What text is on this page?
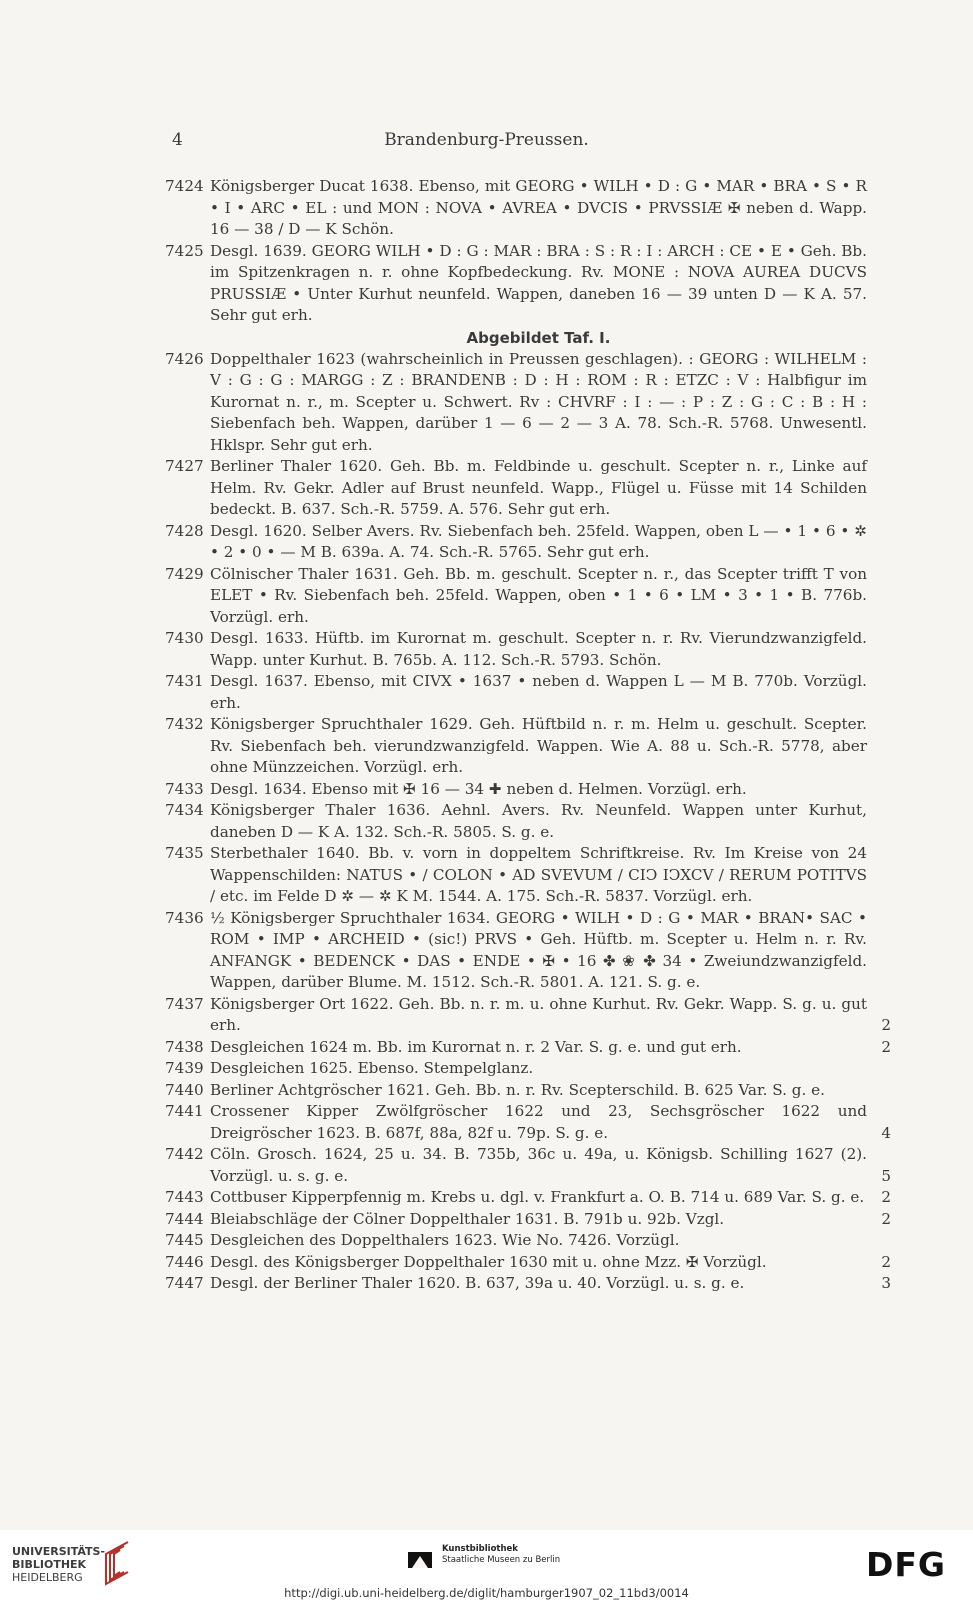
4	Brandenburg-Preussen.
7424 Königsberger Ducat 1638. Ebenso, mit GEORG • WILH • D : G • MAR • BRA • S • R • I • ARC • EL : und MON : NOVA • AVREA • DVCIS • PRVSSIÆ ✠ neben d. Wapp. 16 — 38 / D — K Schön.
7425 Desgl. 1639. GEORG WILH • D : G : MAR : BRA : S : R : I : ARCH : CE • E • Geh. Bb. im Spitzenkragen n. r. ohne Kopfbedeckung. Rv. MONE : NOVA AUREA DUCVS PRUSSIÆ • Unter Kurhut neunfeld. Wappen, daneben 16 — 39 unten D — K A. 57. Sehr gut erh.
Abgebildet Taf. I.
7426 Doppelthaler 1623 (wahrscheinlich in Preussen geschlagen). : GEORG : WILHELM : V : G : G : MARGG : Z : BRANDENB : D : H : ROM : R : ETZC : V : Halbfigur im Kurornat n. r., m. Scepter u. Schwert. Rv : CHVRF : I : — : P : Z : G : C : B : H : Siebenfach beh. Wappen, darüber 1 — 6 — 2 — 3 A. 78. Sch.-R. 5768. Unwesentl. Hklspr. Sehr gut erh.
7427 Berliner Thaler 1620. Geh. Bb. m. Feldbinde u. geschult. Scepter n. r., Linke auf Helm. Rv. Gekr. Adler auf Brust neunfeld. Wapp., Flügel u. Füsse mit 14 Schilden bedeckt. B. 637. Sch.-R. 5759. A. 576. Sehr gut erh.
7428 Desgl. 1620. Selber Avers. Rv. Siebenfach beh. 25feld. Wappen, oben L — • 1 • 6 • ✲ • 2 • 0 • — M B. 639a. A. 74. Sch.-R. 5765. Sehr gut erh.
7429 Cölnischer Thaler 1631. Geh. Bb. m. geschult. Scepter n. r., das Scepter trifft T von ELET • Rv. Siebenfach beh. 25feld. Wappen, oben • 1 • 6 • LM • 3 • 1 • B. 776b. Vorzügl. erh.
7430 Desgl. 1633. Hüftb. im Kurornat m. geschult. Scepter n. r. Rv. Vierundzwanzigfeld. Wapp. unter Kurhut. B. 765b. A. 112. Sch.-R. 5793. Schön.
7431 Desgl. 1637. Ebenso, mit CIVX • 1637 • neben d. Wappen L — M B. 770b. Vorzügl. erh.
7432 Königsberger Spruchthaler 1629. Geh. Hüftbild n. r. m. Helm u. geschult. Scepter. Rv. Siebenfach beh. vierundzwanzigfeld. Wappen. Wie A. 88 u. Sch.-R. 5778, aber ohne Münzzeichen. Vorzügl. erh.
7433 Desgl. 1634. Ebenso mit ✠ 16 — 34 ✚ neben d. Helmen. Vorzügl. erh.
7434 Königsberger Thaler 1636. Aehnl. Avers. Rv. Neunfeld. Wappen unter Kurhut, daneben D — K A. 132. Sch.-R. 5805. S. g. e.
7435 Sterbethaler 1640. Bb. v. vorn in doppeltem Schriftkreise. Rv. Im Kreise von 24 Wappenschilden: NATUS • / COLON • AD SVEVUM / CIↃ IↃXCV / RERUM POTITVS / etc. im Felde D ✲ — ✲ K M. 1544. A. 175. Sch.-R. 5837. Vorzügl. erh.
7436 ½ Königsberger Spruchthaler 1634. GEORG • WILH • D : G • MAR • BRAN• SAC • ROM • IMP • ARCHEID • (sic!) PRVS • Geh. Hüftb. m. Scepter u. Helm n. r. Rv. ANFANGK • BEDENCK • DAS • ENDE • ✠ • 16 ✤ ❀ ✤ 34 • Zweiundzwanzigfeld. Wappen, darüber Blume. M. 1512. Sch.-R. 5801. A. 121. S. g. e.
7437 Königsberger Ort 1622. Geh. Bb. n. r. m. u. ohne Kurhut. Rv. Gekr. Wapp. S. g. u. gut erh.	2
7438 Desgleichen 1624 m. Bb. im Kurornat n. r. 2 Var. S. g. e. und gut erh.	2
7439 Desgleichen 1625. Ebenso. Stempelglanz.
7440 Berliner Achtgröscher 1621. Geh. Bb. n. r. Rv. Scepterschild. B. 625 Var. S. g. e.
7441 Crossener Kipper Zwölfgröscher 1622 und 23, Sechsgröscher 1622 und Dreigröscher 1623. B. 687f, 88a, 82f u. 79p. S. g. e.	4
7442 Cöln. Grosch. 1624, 25 u. 34. B. 735b, 36c u. 49a, u. Königsb. Schilling 1627 (2). Vorzügl. u. s. g. e.	5
7443 Cottbuser Kipperpfennig m. Krebs u. dgl. v. Frankfurt a. O. B. 714 u. 689 Var. S. g. e. 2
7444 Bleiabschläge der Cölner Doppelthaler 1631. B. 791b u. 92b. Vzgl.	2
7445 Desgleichen des Doppelthalers 1623. Wie No. 7426. Vorzügl.
7446 Desgl. des Königsberger Doppelthaler 1630 mit u. ohne Mzz. ✠ Vorzügl.	2
7447 Desgl. der Berliner Thaler 1620. B. 637, 39a u. 40. Vorzügl. u. s. g. e.	3
UNIVERSITÄTS-
BIBLIOTHEK
HEIDELBERG
Kunstbibliothek
Staatliche Museen zu Berlin	DFG
http://digi.ub.uni-heidelberg.de/diglit/hamburger1907_02_11bd3/0014
